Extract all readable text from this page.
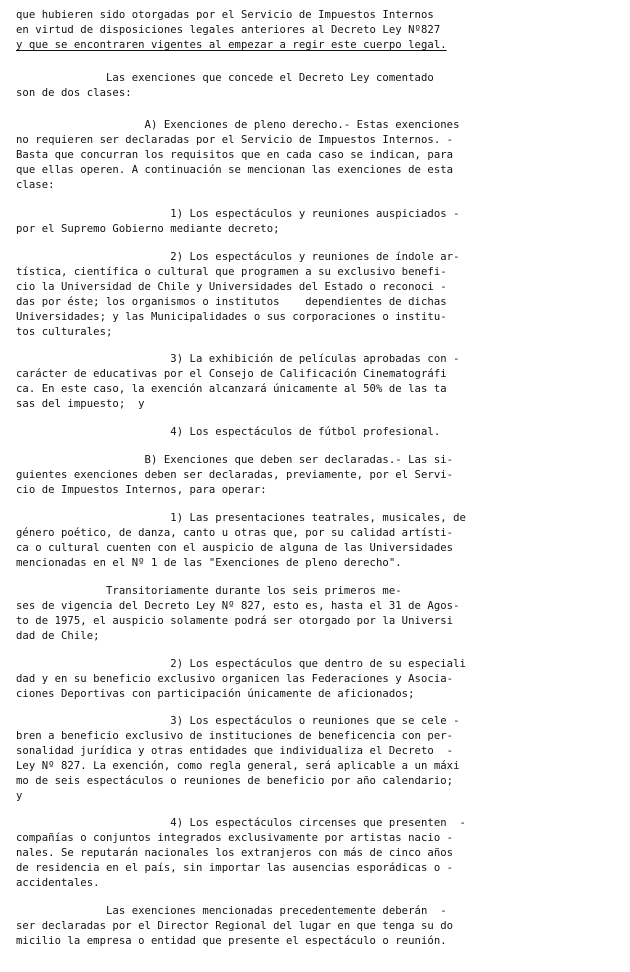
que hubieren sido otorgadas por el Servicio de Impuestos Internos
en virtud de disposiciones legales anteriores al Decreto Ley Nº827
y que se encontraren vigentes al empezar a regir este cuerpo legal.
Las exenciones que concede el Decreto Ley comentado
son de dos clases:
A) Exenciones de pleno derecho.- Estas exenciones
no requieren ser declaradas por el Servicio de Impuestos Internos. -
Basta que concurran los requisitos que en cada caso se indican, para
que ellas operen. A continuación se mencionan las exenciones de esta
clase:
1) Los espectáculos y reuniones auspiciados -
por el Supremo Gobierno mediante decreto;
2) Los espectáculos y reuniones de índole ar-
tística, científica o cultural que programen a su exclusivo benefi-
cio la Universidad de Chile y Universidades del Estado o reconoci -
das por éste; los organismos o institutos    dependientes de dichas
Universidades; y las Municipalidades o sus corporaciones o institu-
tos culturales;
3) La exhibición de películas aprobadas con -
carácter de educativas por el Consejo de Calificación Cinematográfi
ca. En este caso, la exención alcanzará únicamente al 50% de las ta
sas del impuesto;  y
4) Los espectáculos de fútbol profesional.
B) Exenciones que deben ser declaradas.- Las si-
guientes exenciones deben ser declaradas, previamente, por el Servi-
cio de Impuestos Internos, para operar:
1) Las presentaciones teatrales, musicales, de
género poético, de danza, canto u otras que, por su calidad artísti-
ca o cultural cuenten con el auspicio de alguna de las Universidades
mencionadas en el Nº 1 de las "Exenciones de pleno derecho".
Transitoriamente durante los seis primeros me-
ses de vigencia del Decreto Ley Nº 827, esto es, hasta el 31 de Agos-
to de 1975, el auspicio solamente podrá ser otorgado por la Universi
dad de Chile;
2) Los espectáculos que dentro de su especiali
dad y en su beneficio exclusivo organicen las Federaciones y Asocia-
ciones Deportivas con participación únicamente de aficionados;
3) Los espectáculos o reuniones que se cele -
bren a beneficio exclusivo de instituciones de beneficencia con per-
sonalidad jurídica y otras entidades que individualiza el Decreto  -
Ley Nº 827. La exención, como regla general, será aplicable a un máxi
mo de seis espectáculos o reuniones de beneficio por año calendario;
y
4) Los espectáculos circenses que presenten  -
compañías o conjuntos integrados exclusivamente por artistas nacio -
nales. Se reputarán nacionales los extranjeros con más de cinco años
de residencia en el país, sin importar las ausencias esporádicas o -
accidentales.
Las exenciones mencionadas precedentemente deberán  -
ser declaradas por el Director Regional del lugar en que tenga su do
micilio la empresa o entidad que presente el espectáculo o reunión.
